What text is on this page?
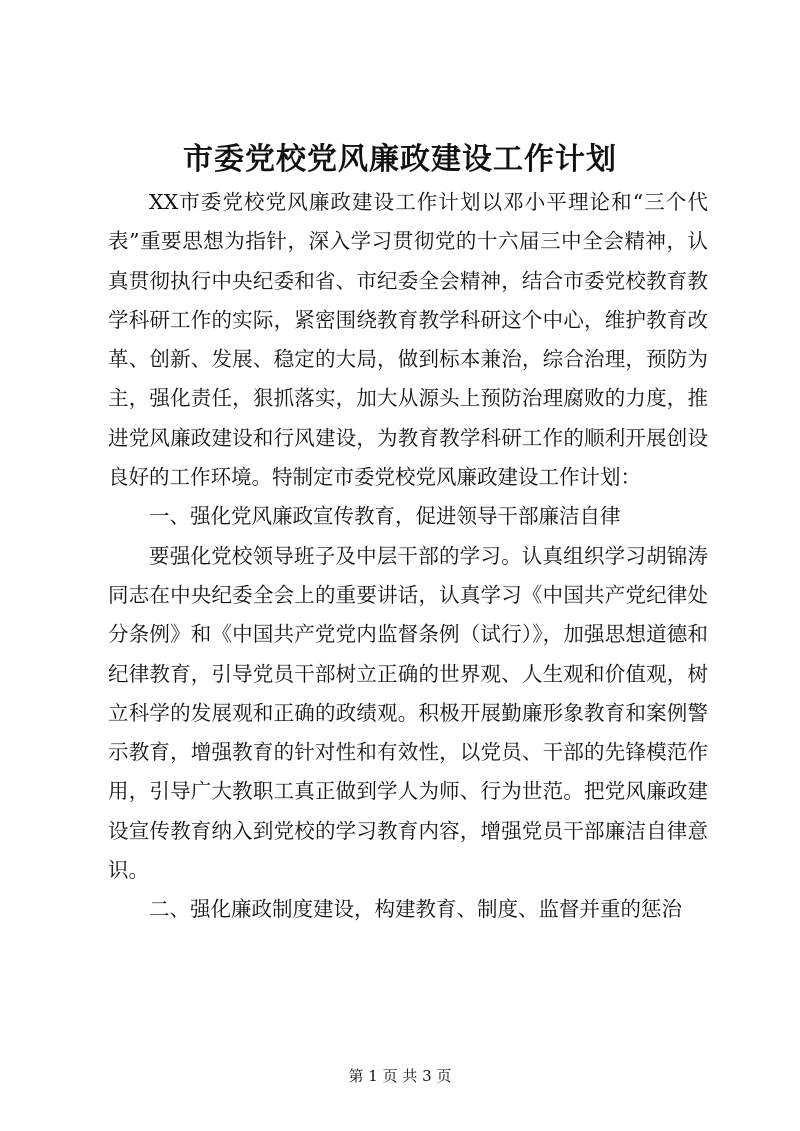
市委党校党风廉政建设工作计划

XX市委党校党风廉政建设工作计划以邓小平理论和“三个代表”重要思想为指针，深入学习贯彻党的十六届三中全会精神，认真贯彻执行中央纪委和省、市纪委全会精神，结合市委党校教育教学科研工作的实际，紧密围绕教育教学科研这个中心，维护教育改革、创新、发展、稳定的大局，做到标本兼治，综合治理，预防为主，强化责任，狠抓落实，加大从源头上预防治理腐败的力度，推进党风廉政建设和行风建设，为教育教学科研工作的顺利开展创设良好的工作环境。特制定市委党校党风廉政建设工作计划：

一、强化党风廉政宣传教育，促进领导干部廉洁自律

要强化党校领导班子及中层干部的学习。认真组织学习胡锦涛同志在中央纪委全会上的重要讲话，认真学习《中国共产党纪律处分条例》和《中国共产党党内监督条例（试行）》，加强思想道德和纪律教育，引导党员干部树立正确的世界观、人生观和价值观，树立科学的发展观和正确的政绩观。积极开展勤廉形象教育和案例警示教育，增强教育的针对性和有效性，以党员、干部的先锋模范作用，引导广大教职工真正做到学人为师、行为世范。把党风廉政建设宣传教育纳入到党校的学习教育内容，增强党员干部廉洁自律意识。

二、强化廉政制度建设，构建教育、制度、监督并重的惩治

第 1 页 共 3 页
